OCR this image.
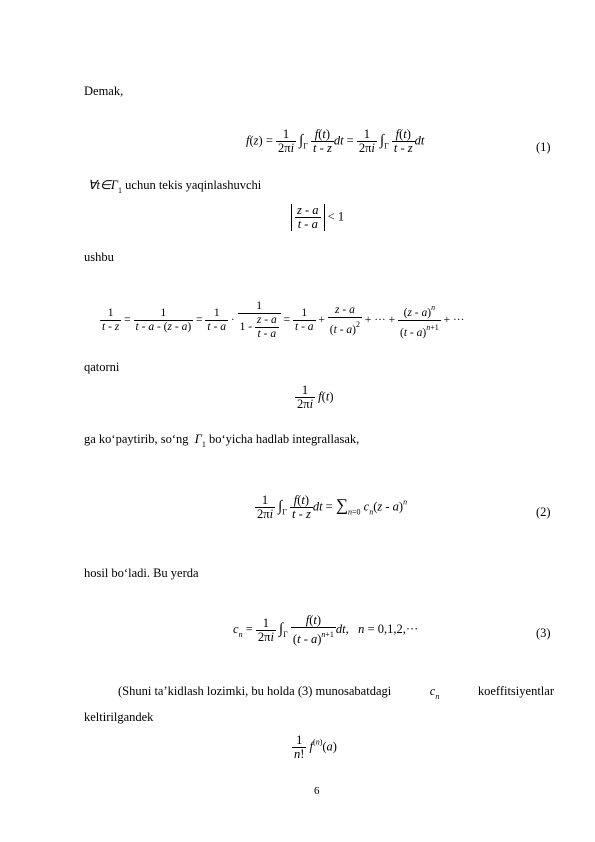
Demak,
$f(z) = \frac{1}{2\pi i} \int_\Gamma \frac{f(t)}{t - z}$ dt = $\frac{1}{2\pi i} \int_\Gamma \frac{f(t)}{t - z}$ dt	(1)
$\forall t\in\Gamma_1$ uchun tekis yaqinlashuvchi
$\frac{z - a}{t - a} < 1$
ushbu
$\frac{1}{t - z} = \frac{1}{t - a - (z - a)} = \frac{1}{t - a} \cdot \frac{1}{1 - \frac{z - a}{t - a}} = \frac{1}{t - a} + \frac{z - a}{(t - a)^2}$ + ··· + $\frac{(z - a)^n}{(t - a)^{n+1}}$ + ···
qatorni
$\frac{1}{2\pi i} f(t)$
ga ko‘paytirib, so‘ng $\Gamma_1$ bo‘yicha hadlab integrallasak,
$\frac{1}{2\pi i} \int_\Gamma \frac{f(t)}{t - z}$ dt = $\sum_{n=0}$ $c_n(z - a)^n$
(2)
hosil bo‘ladi. Bu yerda
$c_n = \frac{1}{2\pi i} \int_\Gamma \frac{f(t)}{(t - a)^{n+1}}$ dt, n = 0,1,2,···	(3)
(Shuni ta’kidlash lozimki, bu holda (3) munosabatdagi	$c_n$	koeffitsiyentlar
keltirilgandek
$\frac{1}{n!} f^{(n)}(a)$
6
